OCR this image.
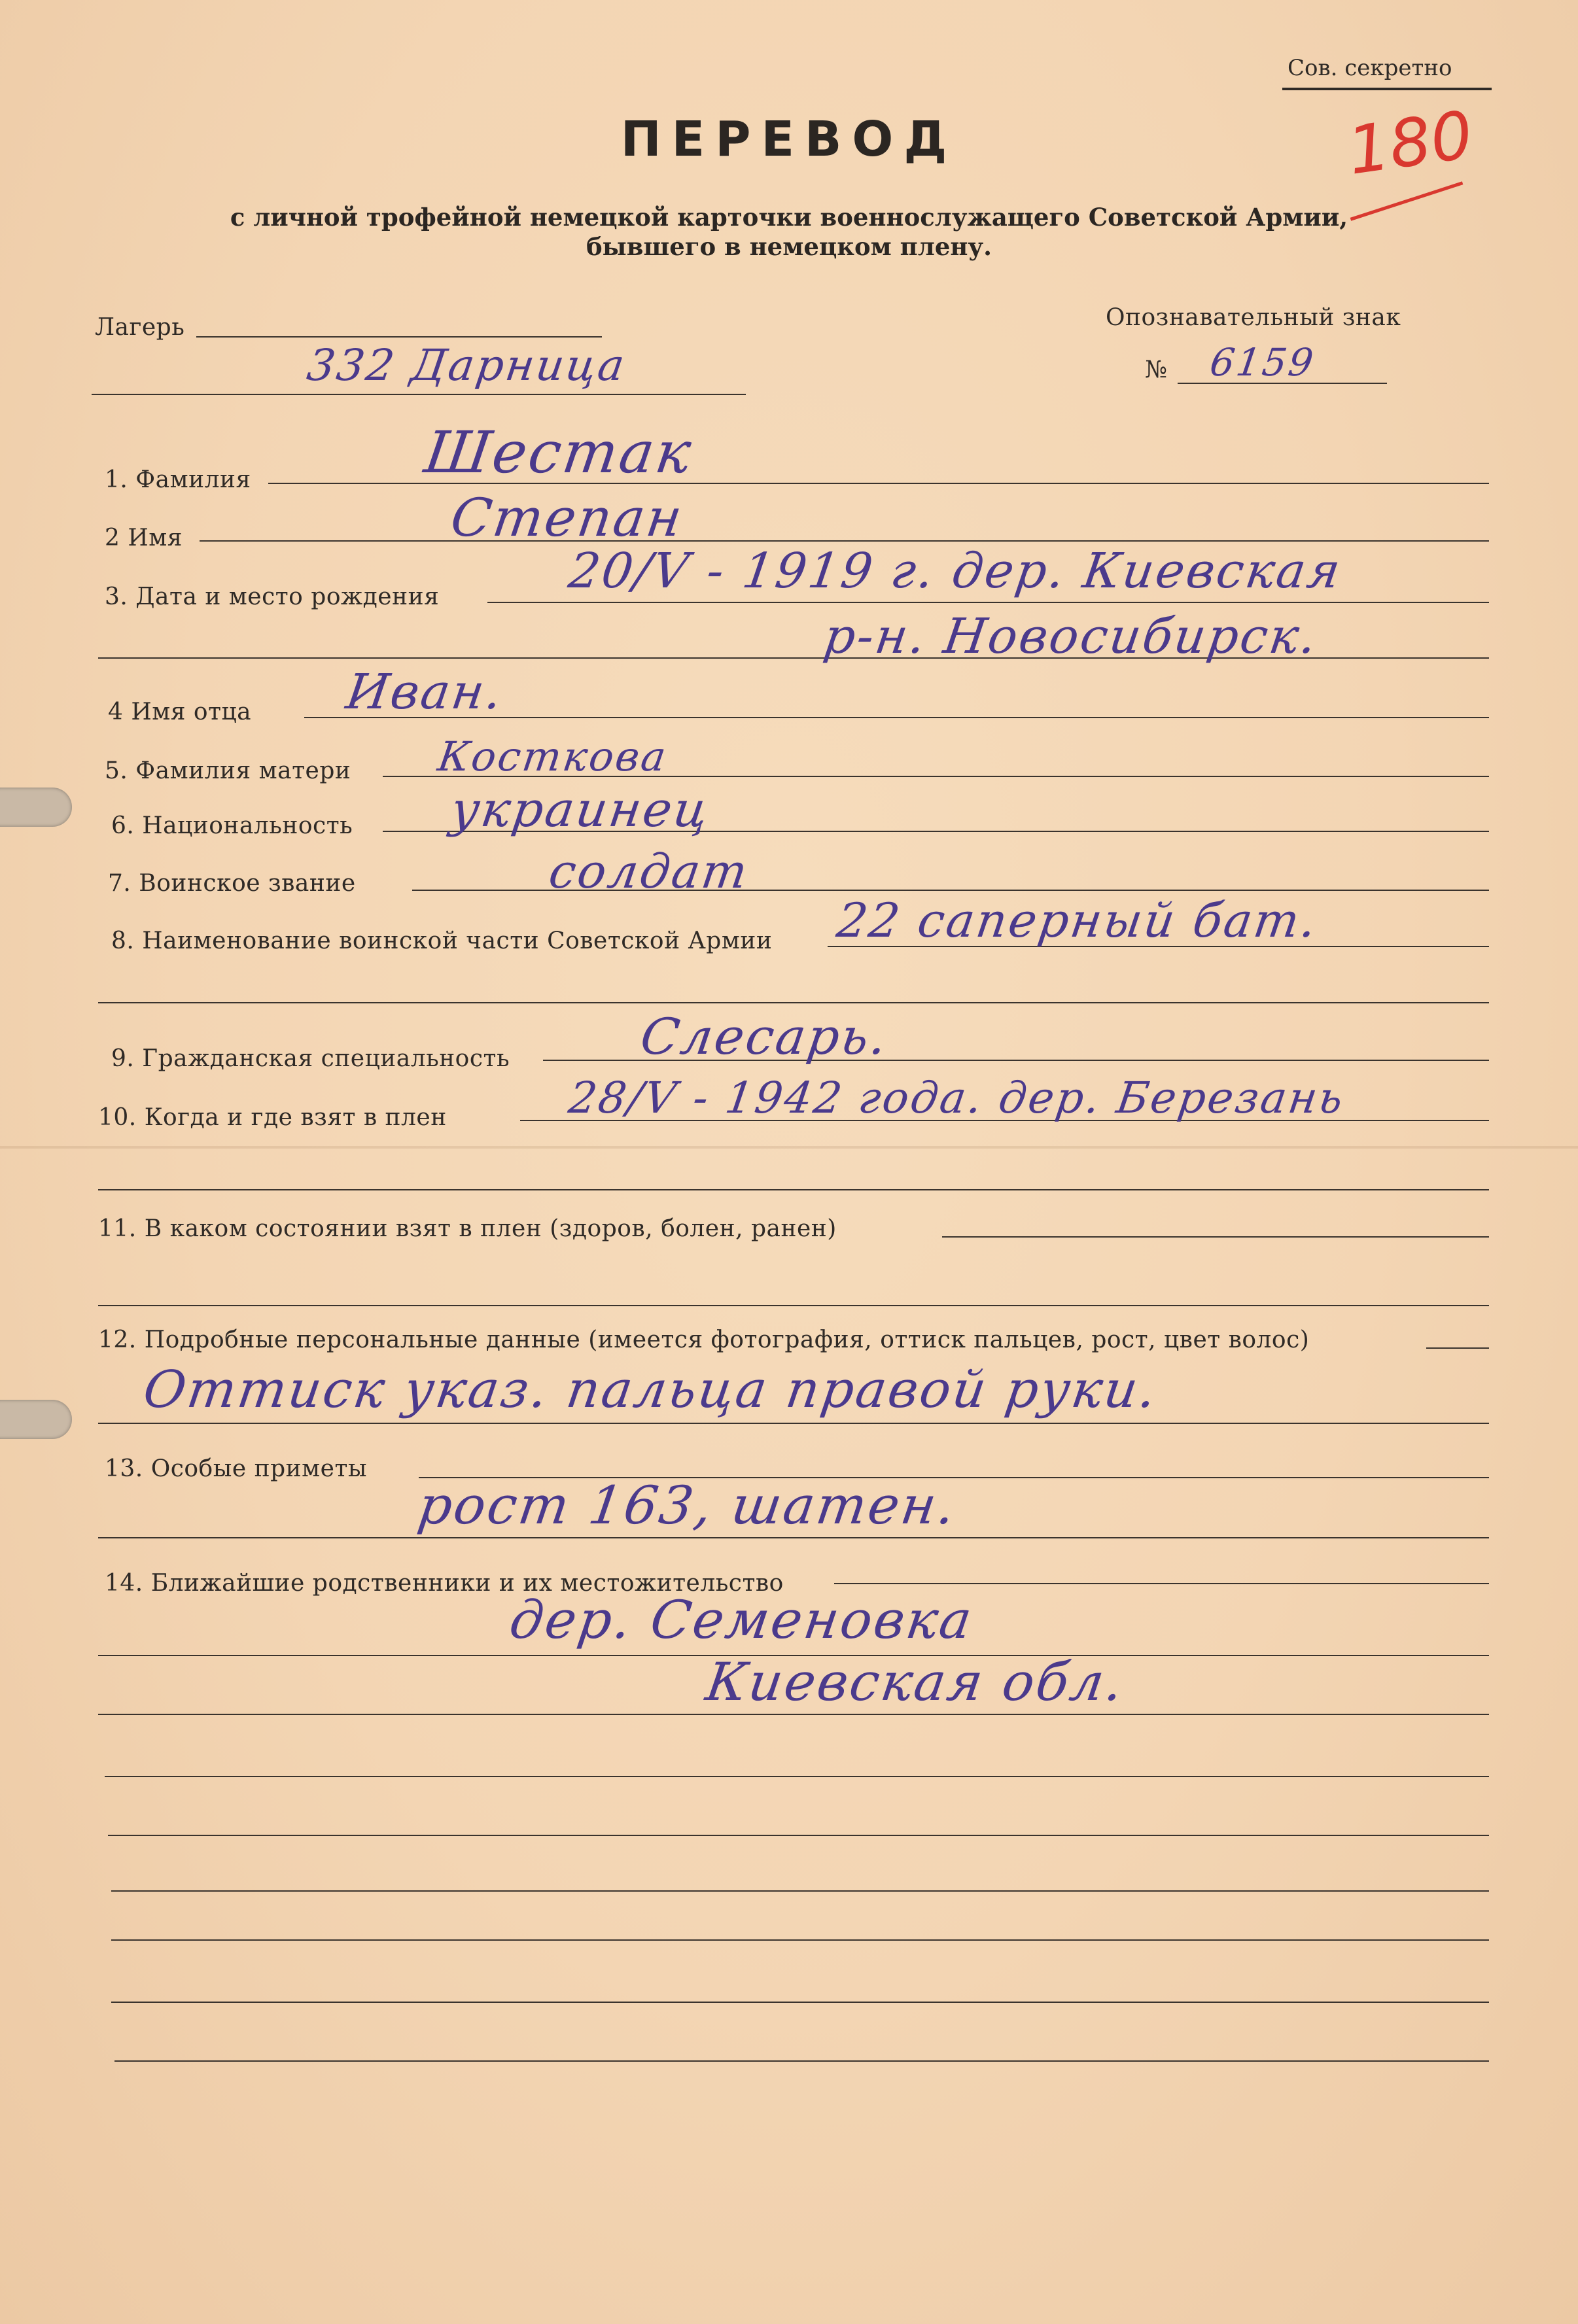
Сов. секретно
180
ПЕРЕВОД
с личной трофейной немецкой карточки военнослужащего Советской Армии,
бывшего в немецком плену.
Лагерь
332 Дарница
Опознавательный знак
№ 6159
1. Фамилия	Шестак
2 Имя	Степан
3. Дата и место рождения	20/V - 1919 г. дер. Киевская
р-н. Новосибирск.
4 Имя отца Иван.
5. Фамилия матери Косткова
6. Национальность украинец
7. Воинское звание	солдат
8. Наименование воинской части Советской Армии 22 саперный бат.
9. Гражданская специальность	Слесарь.
10. Когда и где взят в плен	28/V - 1942 года. дер. Березань
11. В каком состоянии взят в плен (здоров, болен, ранен)
12. Подробные персональные данные (имеется фотография, оттиск пальцев, рост, цвет волос)
Оттиск указ. пальца правой руки.
13. Особые приметы
рост 163, шатен.
14. Ближайшие родственники и их местожительство
дер. Семеновка
Киевская обл.
